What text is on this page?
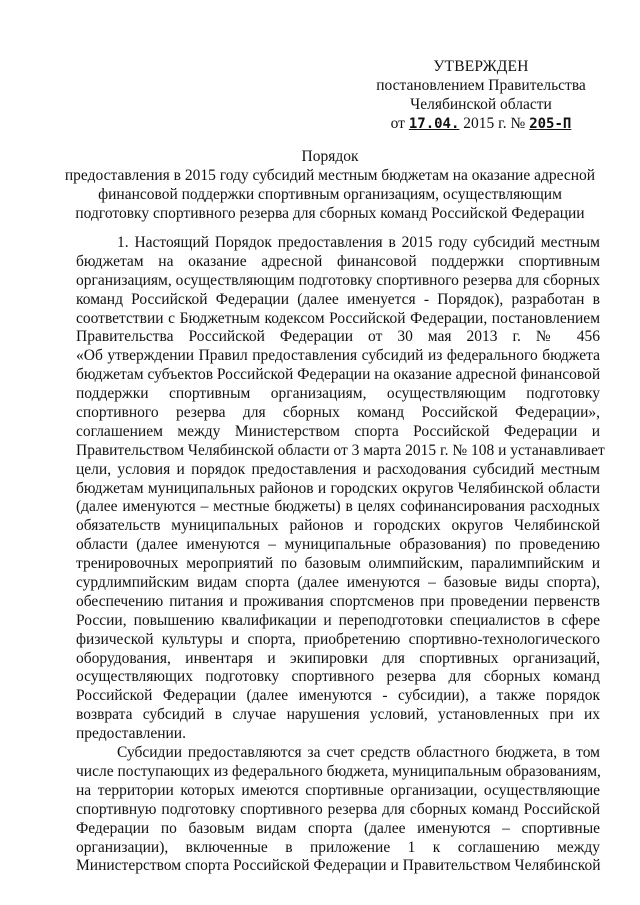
УТВЕРЖДЕН
постановлением Правительства
Челябинской области
от 17.04. 2015 г. № 205-П
Порядок
предоставления в 2015 году субсидий местным бюджетам на оказание адресной
финансовой поддержки спортивным организациям, осуществляющим
подготовку спортивного резерва для сборных команд Российской Федерации
1. Настоящий Порядок предоставления в 2015 году субсидий местным
бюджетам на оказание адресной финансовой поддержки спортивным
организациям, осуществляющим подготовку спортивного резерва для сборных
команд Российской Федерации (далее именуется - Порядок), разработан в
соответствии с Бюджетным кодексом Российской Федерации, постановлением
Правительства Российской Федерации от 30 мая 2013 г. № 456
«Об утверждении Правил предоставления субсидий из федерального бюджета
бюджетам субъектов Российской Федерации на оказание адресной финансовой
поддержки спортивным организациям, осуществляющим подготовку
спортивного резерва для сборных команд Российской Федерации»,
соглашением между Министерством спорта Российской Федерации и
Правительством Челябинской области от 3 марта 2015 г. № 108 и устанавливает
цели, условия и порядок предоставления и расходования субсидий местным
бюджетам муниципальных районов и городских округов Челябинской области
(далее именуются – местные бюджеты) в целях софинансирования расходных
обязательств муниципальных районов и городских округов Челябинской
области (далее именуются – муниципальные образования) по проведению
тренировочных мероприятий по базовым олимпийским, паралимпийским и
сурдлимпийским видам спорта (далее именуются – базовые виды спорта),
обеспечению питания и проживания спортсменов при проведении первенств
России, повышению квалификации и переподготовки специалистов в сфере
физической культуры и спорта, приобретению спортивно-технологического
оборудования, инвентаря и экипировки для спортивных организаций,
осуществляющих подготовку спортивного резерва для сборных команд
Российской Федерации (далее именуются - субсидии), а также порядок
возврата субсидий в случае нарушения условий, установленных при их
предоставлении.
Субсидии предоставляются за счет средств областного бюджета, в том
числе поступающих из федерального бюджета, муниципальным образованиям,
на территории которых имеются спортивные организации, осуществляющие
спортивную подготовку спортивного резерва для сборных команд Российской
Федерации по базовым видам спорта (далее именуются – спортивные
организации), включенные в приложение 1 к соглашению между
Министерством спорта Российской Федерации и Правительством Челябинской
